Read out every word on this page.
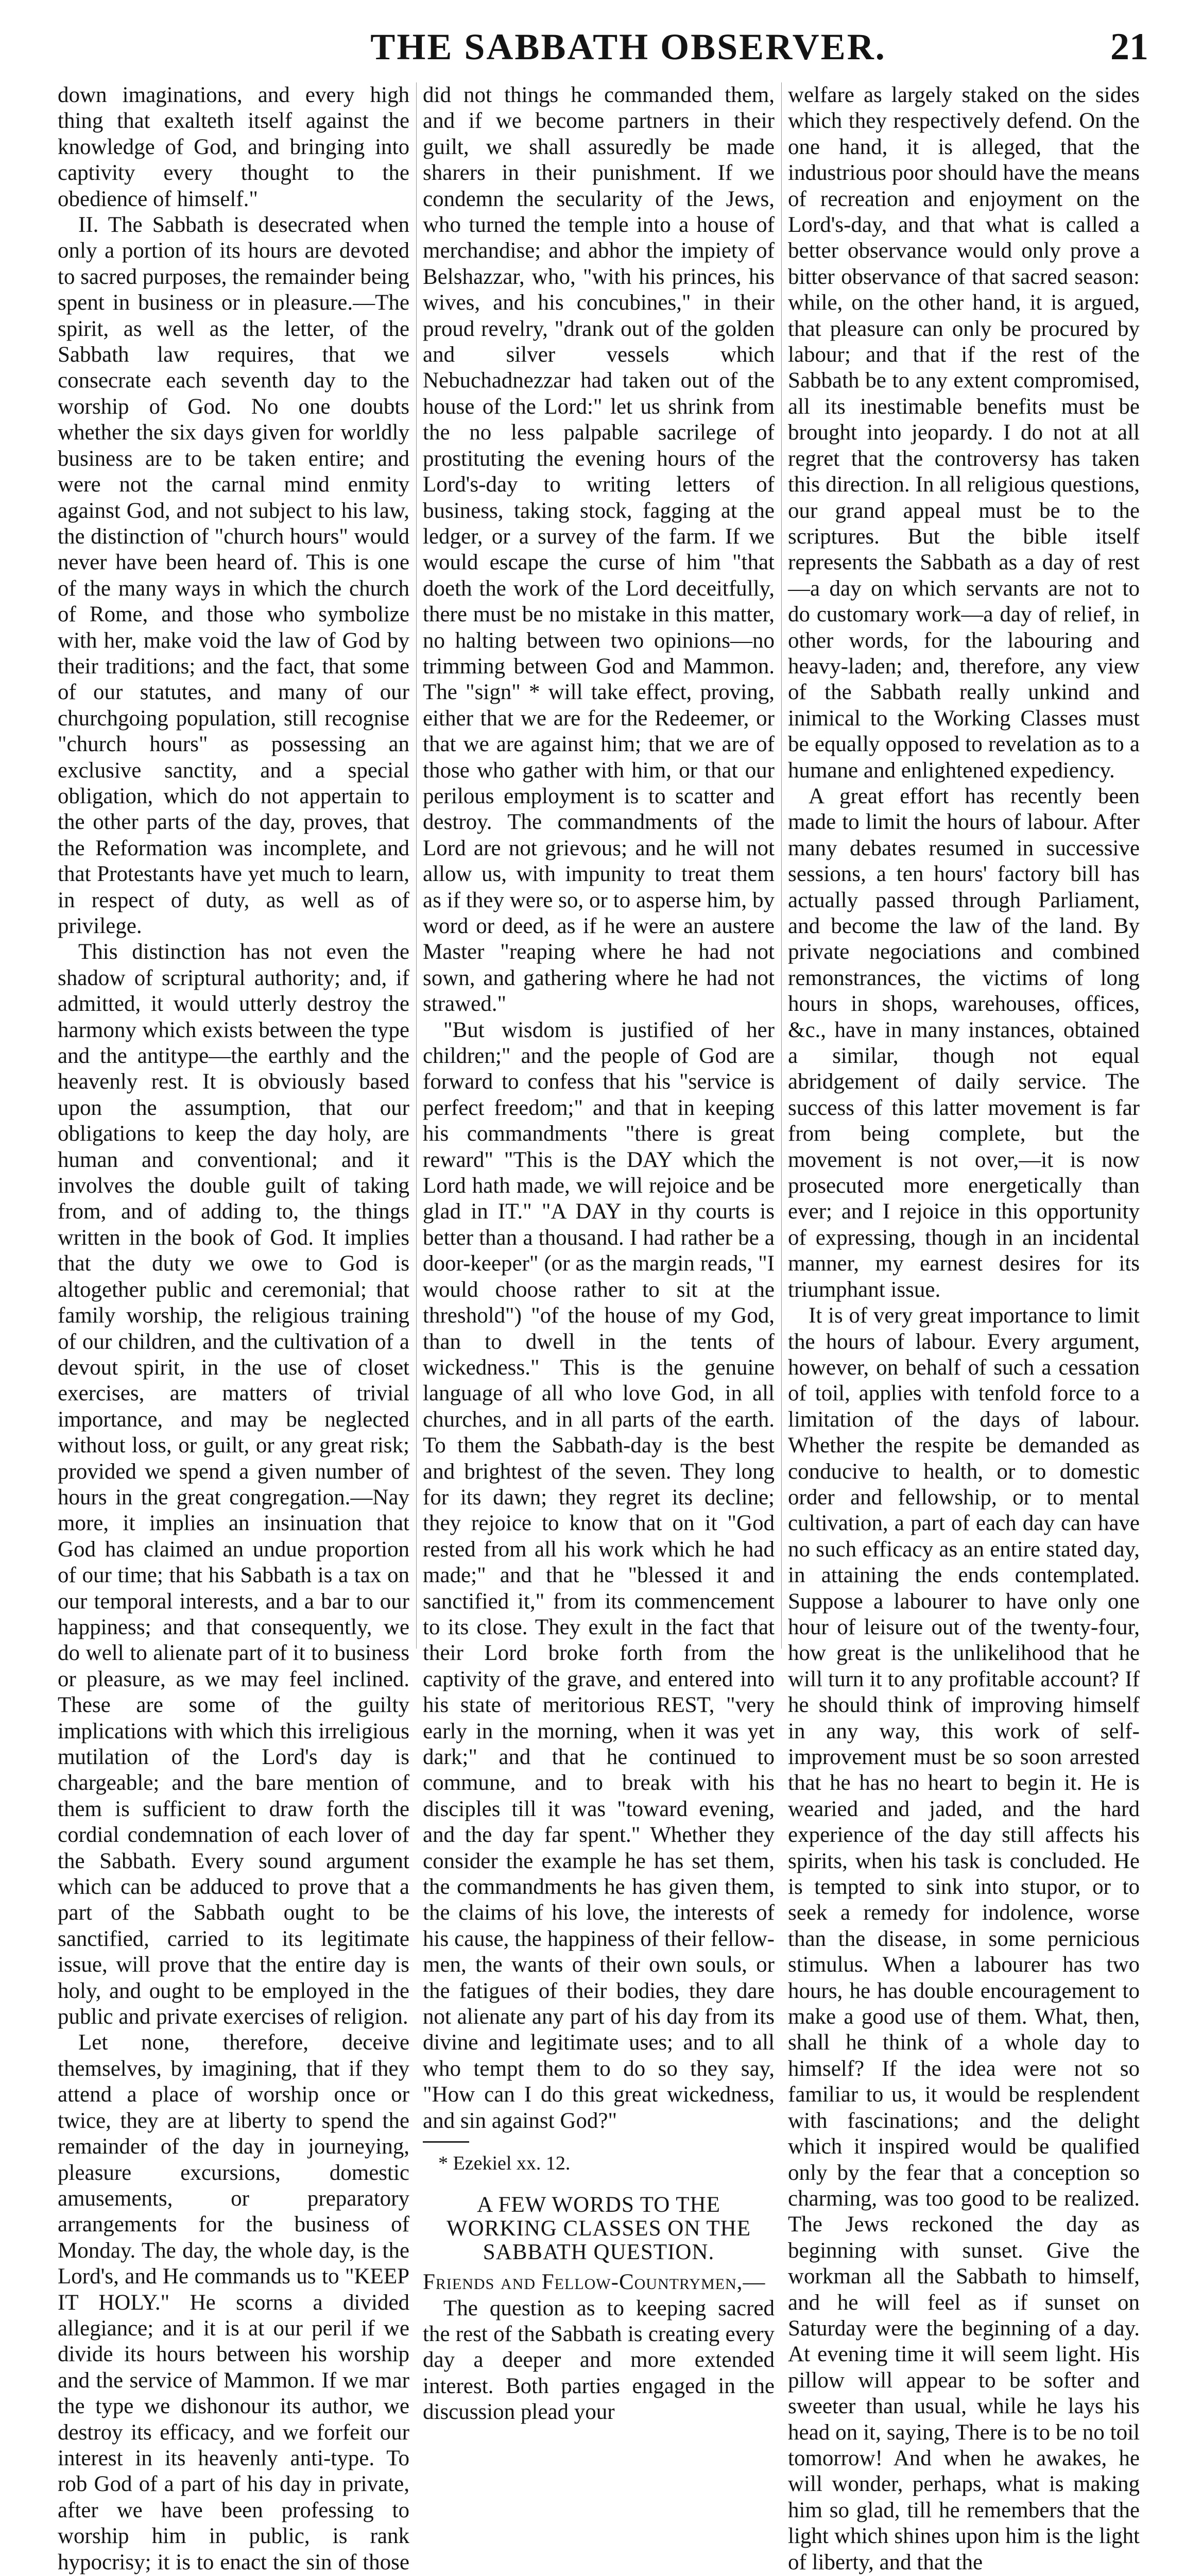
THE SABBATH OBSERVER.	21

down imaginations, and every high thing that exalteth itself against the knowledge of God, and bringing into captivity every thought to the obedience of himself."

II. The Sabbath is desecrated when only a portion of its hours are devoted to sacred purposes, the remainder being spent in business or in pleasure.—The spirit, as well as the letter, of the Sabbath law requires, that we consecrate each seventh day to the worship of God. No one doubts whether the six days given for worldly business are to be taken entire; and were not the carnal mind enmity against God, and not subject to his law, the distinction of "church hours" would never have been heard of. This is one of the many ways in which the church of Rome, and those who symbolize with her, make void the law of God by their traditions; and the fact, that some of our statutes, and many of our churchgoing population, still recognise "church hours" as possessing an exclusive sanctity, and a special obligation, which do not appertain to the other parts of the day, proves, that the Reformation was incomplete, and that Protestants have yet much to learn, in respect of duty, as well as of privilege.

This distinction has not even the shadow of scriptural authority; and, if admitted, it would utterly destroy the harmony which exists between the type and the antitype—the earthly and the heavenly rest. It is obviously based upon the assumption, that our obligations to keep the day holy, are human and conventional; and it involves the double guilt of taking from, and of adding to, the things written in the book of God. It implies that the duty we owe to God is altogether public and ceremonial; that family worship, the religious training of our children, and the cultivation of a devout spirit, in the use of closet exercises, are matters of trivial importance, and may be neglected without loss, or guilt, or any great risk; provided we spend a given number of hours in the great congregation.—Nay more, it implies an insinuation that God has claimed an undue proportion of our time; that his Sabbath is a tax on our temporal interests, and a bar to our happiness; and that consequently, we do well to alienate part of it to business or pleasure, as we may feel inclined. These are some of the guilty implications with which this irreligious mutilation of the Lord's day is chargeable; and the bare mention of them is sufficient to draw forth the cordial condemnation of each lover of the Sabbath. Every sound argument which can be adduced to prove that a part of the Sabbath ought to be sanctified, carried to its legitimate issue, will prove that the entire day is holy, and ought to be employed in the public and private exercises of religion.

Let none, therefore, deceive themselves, by imagining, that if they attend a place of worship once or twice, they are at liberty to spend the remainder of the day in journeying, pleasure excursions, domestic amusements, or preparatory arrangements for the business of Monday. The day, the whole day, is the Lord's, and He commands us to "KEEP IT HOLY." He scorns a divided allegiance; and it is at our peril if we divide its hours between his worship and the service of Mammon. If we mar the type we dishonour its author, we destroy its efficacy, and we forfeit our interest in its heavenly anti-type. To rob God of a part of his day in private, after we have been professing to worship him in public, is rank hypocrisy; it is to enact the sin of those

did not things he commanded them, and if we become partners in their guilt, we shall assuredly be made sharers in their punishment. If we condemn the secularity of the Jews, who turned the temple into a house of merchandise; and abhor the impiety of Belshazzar, who, "with his princes, his wives, and his concubines," in their proud revelry, "drank out of the golden and silver vessels which Nebuchadnezzar had taken out of the house of the Lord:" let us shrink from the no less palpable sacrilege of prostituting the evening hours of the Lord's-day to writing letters of business, taking stock, fagging at the ledger, or a survey of the farm. If we would escape the curse of him "that doeth the work of the Lord deceitfully, there must be no mistake in this matter, no halting between two opinions—no trimming between God and Mammon. The "sign" * will take effect, proving, either that we are for the Redeemer, or that we are against him; that we are of those who gather with him, or that our perilous employment is to scatter and destroy. The commandments of the Lord are not grievous; and he will not allow us, with impunity to treat them as if they were so, or to asperse him, by word or deed, as if he were an austere Master "reaping where he had not sown, and gathering where he had not strawed."

"But wisdom is justified of her children;" and the people of God are forward to confess that his "service is perfect freedom;" and that in keeping his commandments "there is great reward" "This is the DAY which the Lord hath made, we will rejoice and be glad in IT." "A DAY in thy courts is better than a thousand. I had rather be a door-keeper" (or as the margin reads, "I would choose rather to sit at the threshold") "of the house of my God, than to dwell in the tents of wickedness." This is the genuine language of all who love God, in all churches, and in all parts of the earth. To them the Sabbath-day is the best and brightest of the seven. They long for its dawn; they regret its decline; they rejoice to know that on it "God rested from all his work which he had made;" and that he "blessed it and sanctified it," from its commencement to its close. They exult in the fact that their Lord broke forth from the captivity of the grave, and entered into his state of meritorious REST, "very early in the morning, when it was yet dark;" and that he continued to commune, and to break with his disciples till it was "toward evening, and the day far spent." Whether they consider the example he has set them, the commandments he has given them, the claims of his love, the interests of his cause, the happiness of their fellow-men, the wants of their own souls, or the fatigues of their bodies, they dare not alienate any part of his day from its divine and legitimate uses; and to all who tempt them to do so they say, "How can I do this great wickedness, and sin against God?"

* Ezekiel xx. 12.

A FEW WORDS TO THE WORKING CLASSES ON THE SABBATH QUESTION.

Friends and Fellow-Countrymen,—

The question as to keeping sacred the rest of the Sabbath is creating every day a deeper and more extended interest. Both parties engaged in the discussion plead your

welfare as largely staked on the sides which they respectively defend. On the one hand, it is alleged, that the industrious poor should have the means of recreation and enjoyment on the Lord's-day, and that what is called a better observance would only prove a bitter observance of that sacred season: while, on the other hand, it is argued, that pleasure can only be procured by labour; and that if the rest of the Sabbath be to any extent compromised, all its inestimable benefits must be brought into jeopardy. I do not at all regret that the controversy has taken this direction. In all religious questions, our grand appeal must be to the scriptures. But the bible itself represents the Sabbath as a day of rest—a day on which servants are not to do customary work—a day of relief, in other words, for the labouring and heavy-laden; and, therefore, any view of the Sabbath really unkind and inimical to the Working Classes must be equally opposed to revelation as to a humane and enlightened expediency.

A great effort has recently been made to limit the hours of labour. After many debates resumed in successive sessions, a ten hours' factory bill has actually passed through Parliament, and become the law of the land. By private negociations and combined remonstrances, the victims of long hours in shops, warehouses, offices, &c., have in many instances, obtained a similar, though not equal abridgement of daily service. The success of this latter movement is far from being complete, but the movement is not over,—it is now prosecuted more energetically than ever; and I rejoice in this opportunity of expressing, though in an incidental manner, my earnest desires for its triumphant issue.

It is of very great importance to limit the hours of labour. Every argument, however, on behalf of such a cessation of toil, applies with tenfold force to a limitation of the days of labour. Whether the respite be demanded as conducive to health, or to domestic order and fellowship, or to mental cultivation, a part of each day can have no such efficacy as an entire stated day, in attaining the ends contemplated. Suppose a labourer to have only one hour of leisure out of the twenty-four, how great is the unlikelihood that he will turn it to any profitable account? If he should think of improving himself in any way, this work of self-improvement must be so soon arrested that he has no heart to begin it. He is wearied and jaded, and the hard experience of the day still affects his spirits, when his task is concluded. He is tempted to sink into stupor, or to seek a remedy for indolence, worse than the disease, in some pernicious stimulus. When a labourer has two hours, he has double encouragement to make a good use of them. What, then, shall he think of a whole day to himself? If the idea were not so familiar to us, it would be resplendent with fascinations; and the delight which it inspired would be qualified only by the fear that a conception so charming, was too good to be realized. The Jews reckoned the day as beginning with sunset. Give the workman all the Sabbath to himself, and he will feel as if sunset on Saturday were the beginning of a day. At evening time it will seem light. His pillow will appear to be softer and sweeter than usual, while he lays his head on it, saying, There is to be no toil tomorrow! And when he awakes, he will wonder, perhaps, what is making him so glad, till he remembers that the light which shines upon him is the light of liberty, and that the
